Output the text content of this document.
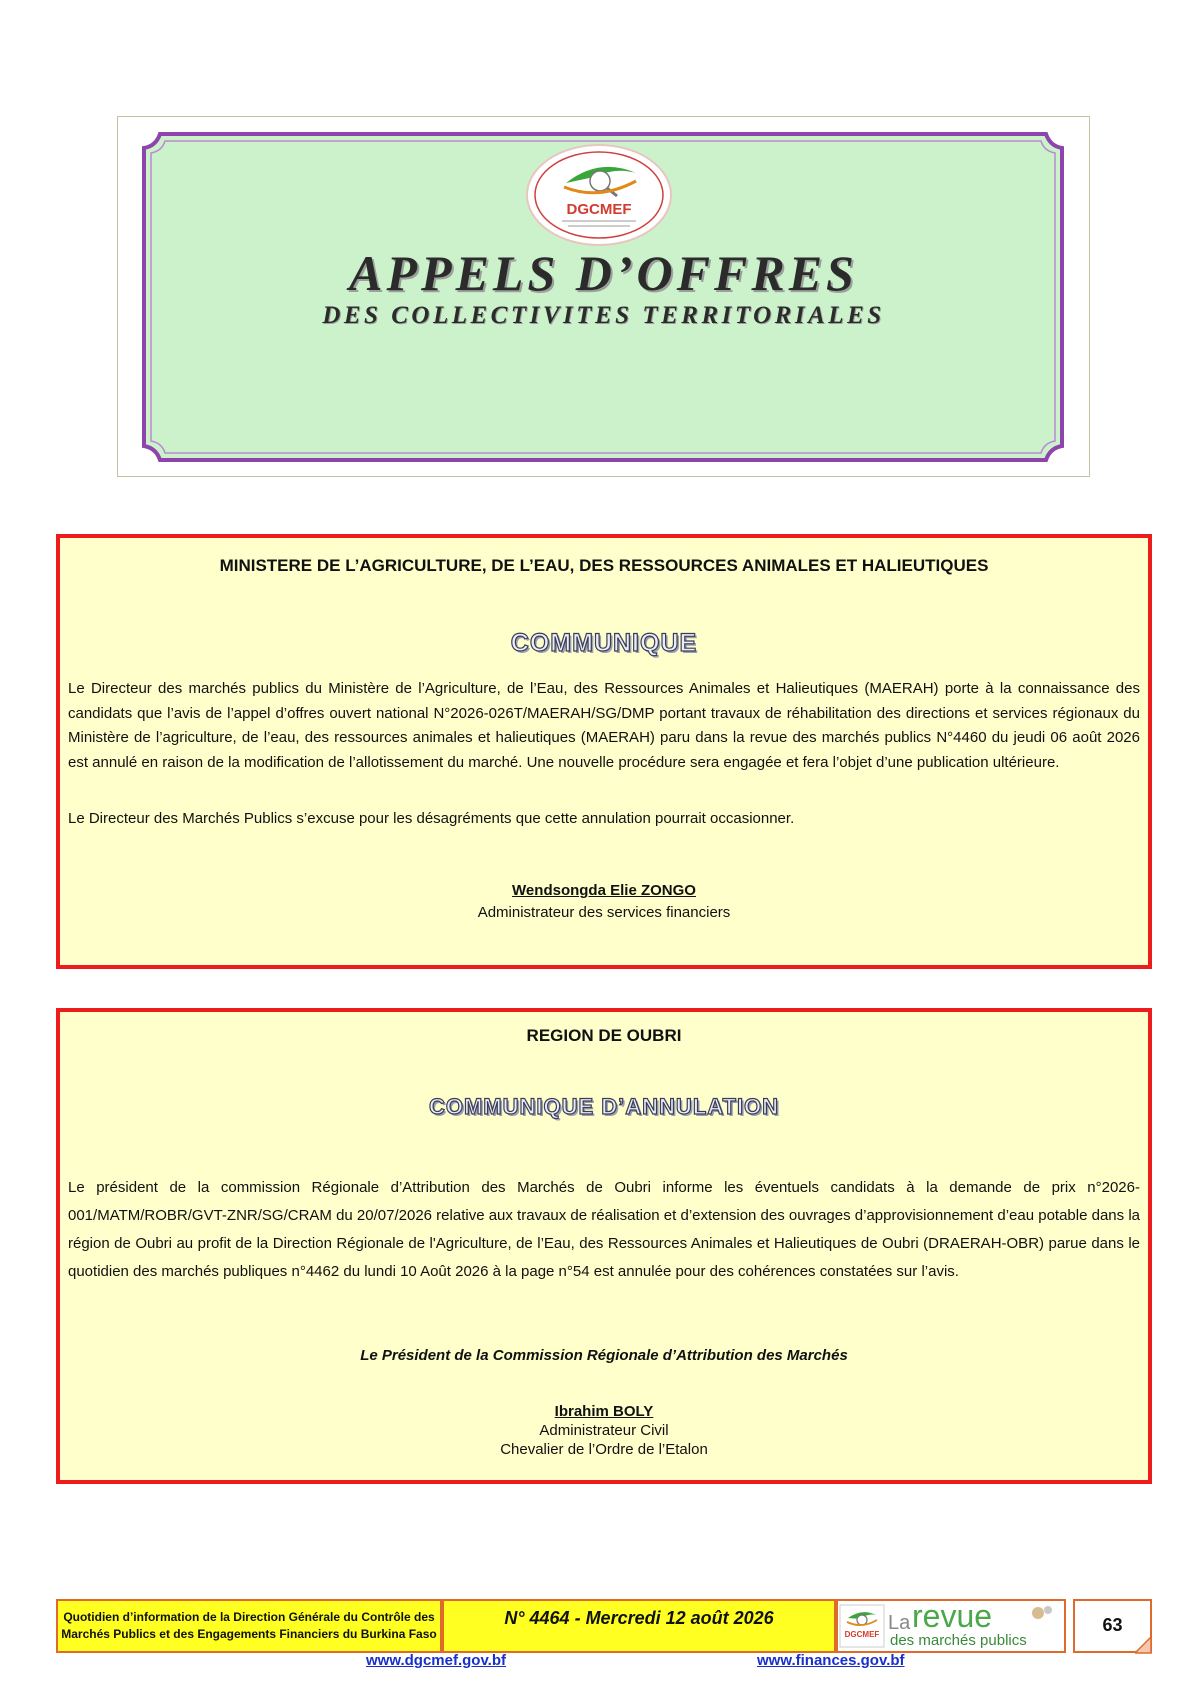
DGCMEF
APPELS D’OFFRES
DES COLLECTIVITES TERRITORIALES
MINISTERE DE L’AGRICULTURE, DE L’EAU, DES RESSOURCES ANIMALES ET HALIEUTIQUES
COMMUNIQUE

Le Directeur des marchés publics du Ministère de l’Agriculture, de l’Eau, des Ressources Animales et Halieutiques (MAERAH) porte à la connaissance des candidats que l’avis de l’appel d’offres ouvert national N°2026-026T/MAERAH/SG/DMP portant travaux de réhabilitation des directions et services régionaux du Ministère de l’agriculture, de l’eau, des ressources animales et halieutiques (MAERAH) paru dans la revue des marchés publics N°4460 du jeudi 06 août 2026 est annulé en raison de la modification de l’allotissement du marché. Une nouvelle procédure sera engagée et fera l’objet d’une publication ultérieure.

Le Directeur des Marchés Publics s’excuse pour les désagréments que cette annulation pourrait occasionner.

Wendsongda Elie ZONGO
Administrateur des services financiers
REGION DE OUBRI
COMMUNIQUE D’ANNULATION

Le président de la commission Régionale d’Attribution des Marchés de Oubri informe les éventuels candidats à la demande de prix n°2026-001/MATM/ROBR/GVT-ZNR/SG/CRAM du 20/07/2026 relative aux travaux de réalisation et d’extension des ouvrages d’approvisionnement d’eau potable dans la région de Oubri au profit de la Direction Régionale de l'Agriculture, de l’Eau, des Ressources Animales et Halieutiques de Oubri (DRAERAH-OBR) parue dans le quotidien des marchés publiques n°4462 du lundi 10 Août 2026 à la page n°54 est annulée pour des cohérences constatées sur l’avis.

Le Président de la Commission Régionale d’Attribution des Marchés
Ibrahim BOLY
Administrateur Civil
Chevalier de l’Ordre de l’Etalon
Quotidien d’information de la Direction Générale du Contrôle des
Marchés Publics et des Engagements Financiers du Burkina Faso
N° 4464 - Mercredi 12 août 2026
DGCMEF
La revue
des marchés publics
63
www.dgcmef.gov.bf	www.finances.gov.bf
